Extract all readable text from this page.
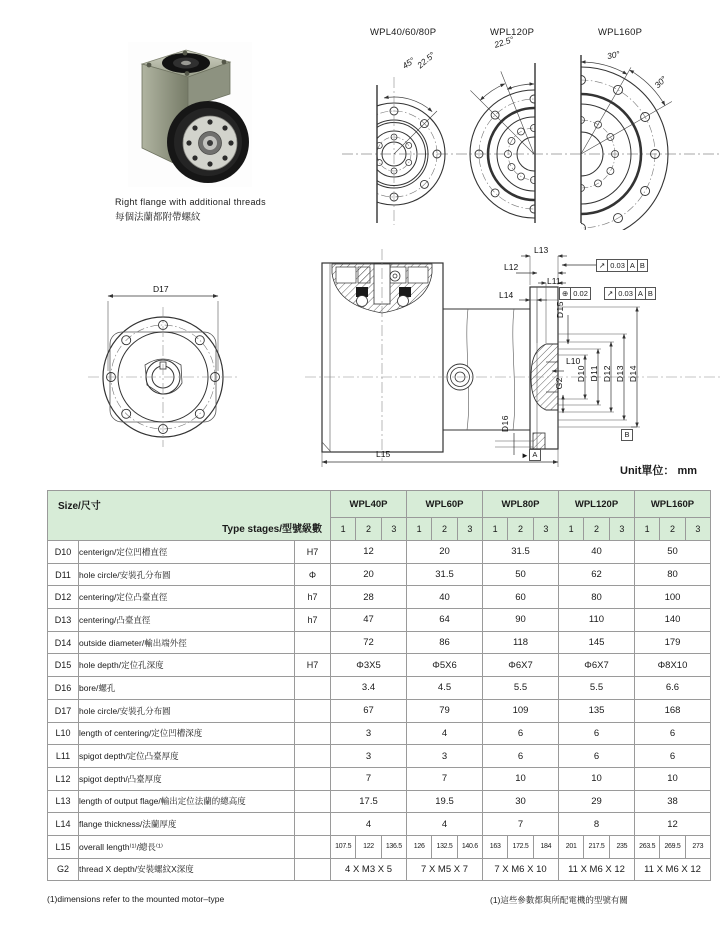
Right flange with additional threads
每個法蘭都附帶螺紋
WPL40/60/80P	WPL120P	WPL160P
45°
22.5°
22.5°
30°
30°
D17
L13
L12
L11
L14
D15
L10
G2
D10 D11 D12 D13 D14
D16
L15
↗ 0.03 A B
⊕ 0.02	↗ 0.03 A B
B
► A
Unit單位： mm
Type stages/型號級數
Size/尺寸			WPL40P			WPL60P			WPL80P			WPL120P			WPL160P		
			1	2	3	1	2	3	1	2	3	1	2	3	1	2	3
D10	centerign/定位凹槽直徑	H7	12			20			31.5			40			50		
D11	hole circle/安裝孔分布圓	Φ	20			31.5			50			62			80		
D12	centering/定位凸臺直徑	h7	28			40			60			80			100		
D13	centering/凸臺直徑	h7	47			64			90			110			140		
D14	outside diameter/輸出端外徑		72			86			118			145			179		
D15	hole depth/定位孔深度	H7	Φ3X5			Φ5X6			Φ6X7			Φ6X7			Φ8X10		
D16	bore/螺孔		3.4			4.5			5.5			5.5			6.6		
D17	hole circle/安裝孔分布圓		67			79			109			135			168		
L10	length of centering/定位凹槽深度		3			4			6			6			6		
L11	spigot depth/定位凸臺厚度		3			3			6			6			6		
L12	spigot depth/凸臺厚度		7			7			10			10			10		
L13	length of output flage/輸出定位法蘭的總高度		17.5			19.5			30			29			38		
L14	flange thickness/法蘭厚度		4			4			7			8			12		
L15	overall length⁽¹⁾/總長⁽¹⁾		107.5	122	136.5	126	132.5	140.6	163	172.5	184	201	217.5	235	263.5	269.5	273
G2	thread X depth/安裝螺紋X深度		4 X M3 X 5			7 X M5 X 7			7 X M6 X 10			11 X M6 X 12			11 X M6 X 12		
(1)dimensions refer to the mounted motor–type	(1)這些參數都與所配電機的型號有關
